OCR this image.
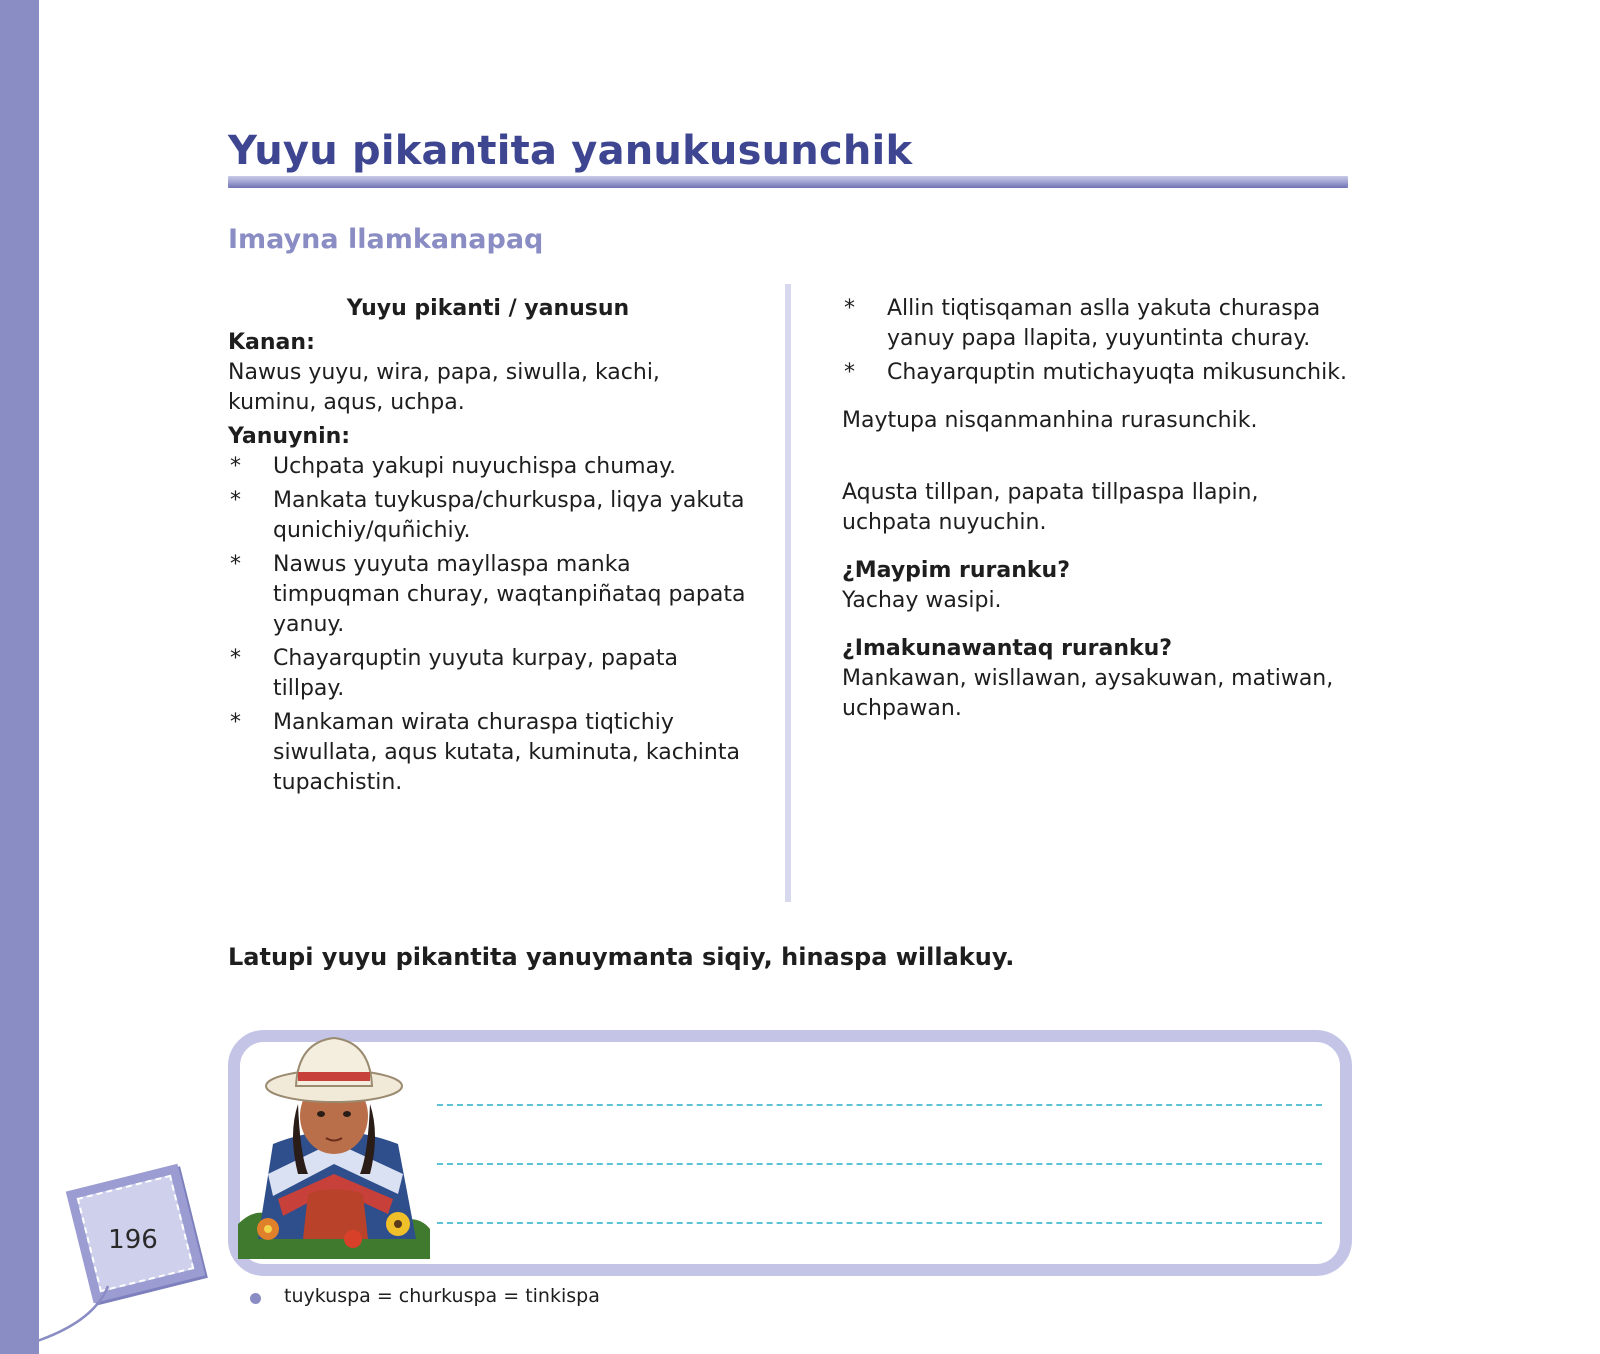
Yuyu pikantita yanukusunchik
Imayna llamkanapaq
Yuyu pikanti / yanusun
Kanan:
Nawus yuyu, wira, papa, siwulla, kachi, kuminu, aqus, uchpa.
Yanuynin:
* Uchpata yakupi nuyuchispa chumay.
* Mankata tuykuspa/churkuspa, liqya yakuta qunichiy/quñichiy.
* Nawus yuyuta mayllaspa manka timpuqman churay, waqtanpiñataq papata yanuy.
* Chayarquptin yuyuta kurpay, papata tillpay.
* Mankaman wirata churaspa tiqtichiy siwullata, aqus kutata, kuminuta, kachinta tupachistin.
* Allin tiqtisqaman aslla yakuta churaspa yanuy papa llapita, yuyuntinta churay.
* Chayarquptin mutichayuqta mikusunchik.
Maytupa nisqanmanhina rurasunchik.
Aqusta tillpan, papata tillpaspa llapin, uchpata nuyuchin.
¿Maypim ruranku?
Yachay wasipi.
¿Imakunawantaq ruranku?
Mankawan, wisllawan, aysakuwan, matiwan, uchpawan.
Latupi yuyu pikantita yanuymanta siqiy, hinaspa willakuy.
196
tuykuspa = churkuspa = tinkispa
